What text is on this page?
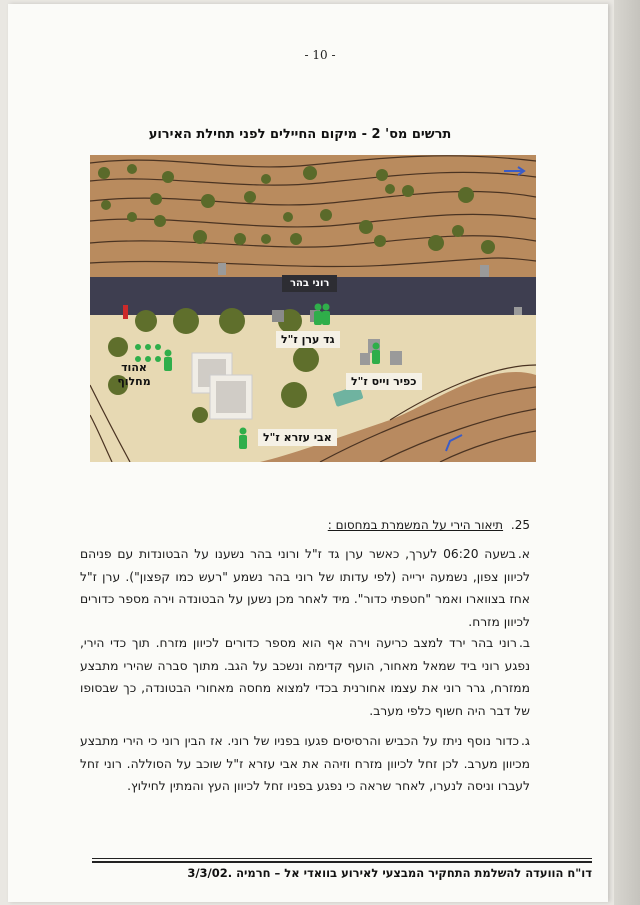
- 10 -
תרשים מס' 2 - מיקום החיילים לפני תחילת האירוע
רוני בהר
גד ערן ז"ל
אהוד
מחלוף	כפיר וייס ז"ל
אבי עזרא ז"ל
25. תיאור הירי על המשמרת במחסום :
א.בשעה 06:20 לערך, כאשר ערן גד ז"ל ורוני בהר נשענו על הבטונדות עם פניהם לכיוון צפון, נשמעה ירייה (לפי עדותו של רוני בהר נשמע "רעש כמו קפצון"). ערן ז"ל אחז בצווארו ואמר "חטפתי כדור". מיד לאחר מכן נשען על הבטונדה וירה מספר כדורים לכיוון מזרח.
ב.רוני בהר ירד למצב כריעה וירה אף הוא מספר כדורים לכיוון מזרח. תוך כדי הירי, נפגע רוני ביד שמאל מאחור, הועף קדימה ונשכב על הגב. מתוך סברה שהירי מתבצע ממזרח, גרר רוני את עצמו אחורנית בכדי למצוא מחסה מאחורי הבטונדה, כך שבסופו של דבר היה חשוף כלפי מערב.
ג.כדור נוסף ניתז על הכביש והרסיסים פגעו בפניו של רוני. אז הבין רוני כי הירי מתבצע מכיוון מערב. לכן זחל לכיוון מזרח וזיהה את אבי עזרא ז"ל שוכב על הסוללה. רוני זחל לעברו וניסה לנערו, לאחר שראה כי נפגע בפניו זחל לכיוון העץ והמתין לחילוץ.
דו"ח הוועדה להשלמת התחקיר המבצעי לאירוע בוואדי אל – חרמיה .3/3/02
